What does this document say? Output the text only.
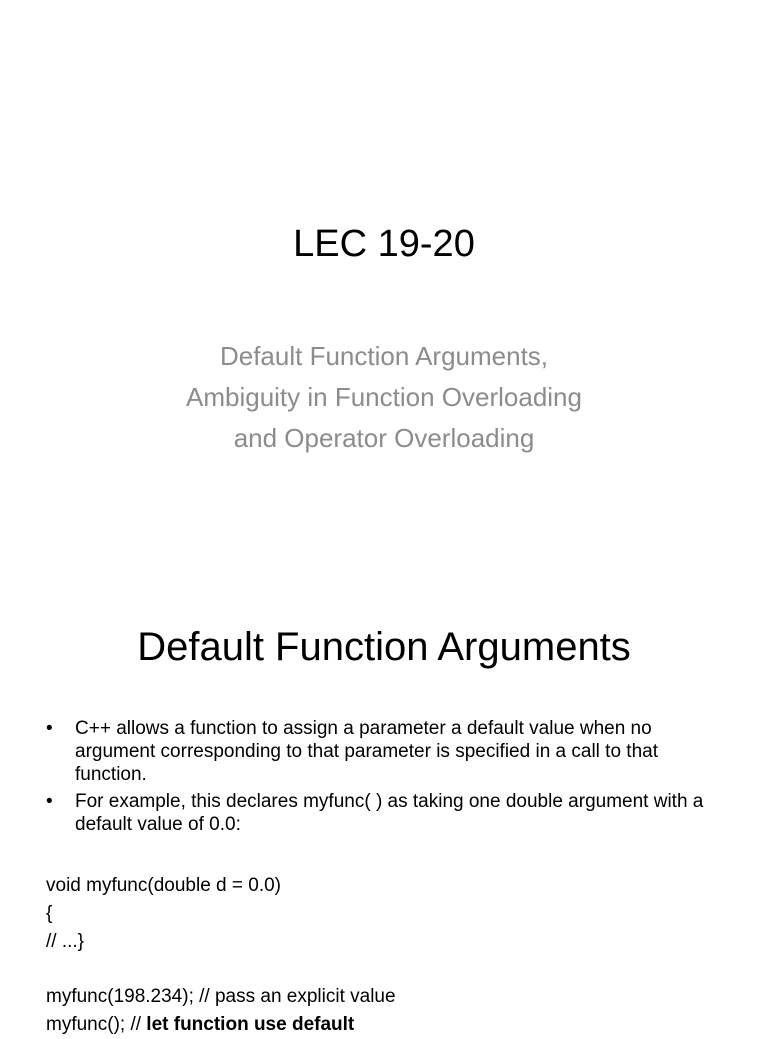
LEC 19-20
Default Function Arguments,
Ambiguity in Function Overloading
and Operator Overloading
Default Function Arguments
• C++ allows a function to assign a parameter a default value when no argument corresponding to that parameter is specified in a call to that function.
• For example, this declares myfunc( ) as taking one double argument with a default value of 0.0:
void myfunc(double d = 0.0)
{
// ...}
myfunc(198.234); // pass an explicit value
myfunc(); // let function use default
